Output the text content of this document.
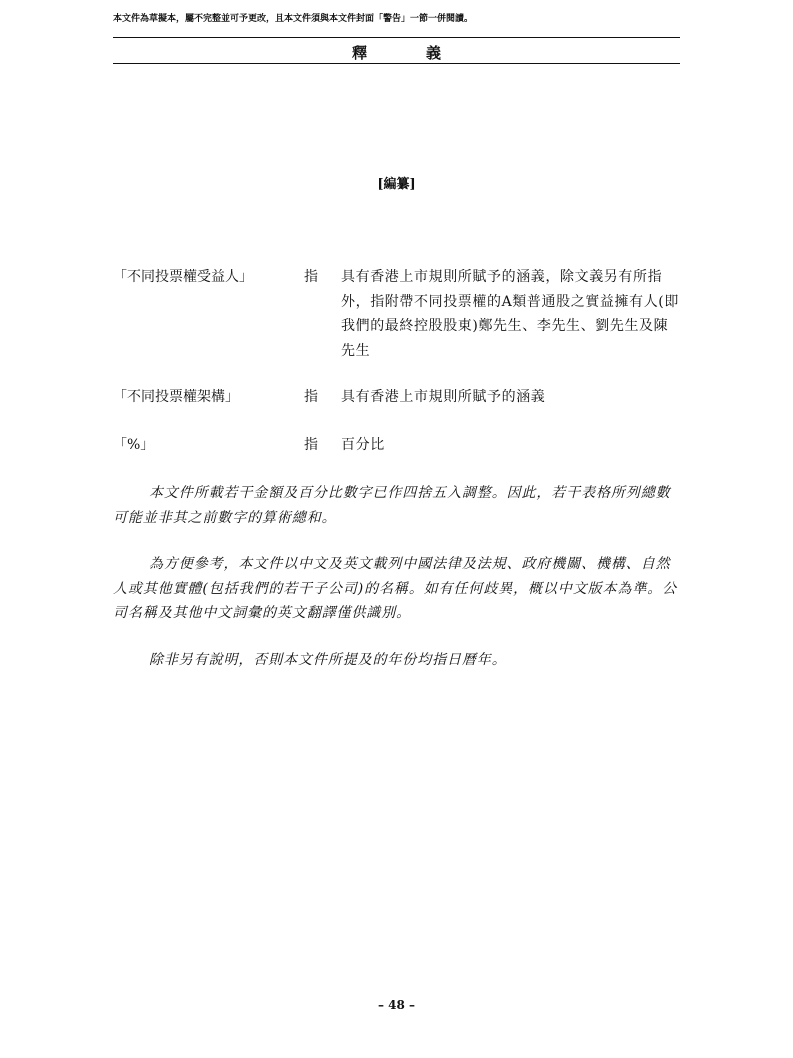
本文件為草擬本，屬不完整並可予更改，且本文件須與本文件封面「警告」一節一併閱讀。
釋　義
[編纂]
「不同投票權受益人」	指 具有香港上市規則所賦予的涵義，除文義另有所指外，指附帶不同投票權的A類普通股之實益擁有人(即我們的最終控股股東)鄭先生、李先生、劉先生及陳先生
「不同投票權架構」	指 具有香港上市規則所賦予的涵義
「%」	指 百分比
本文件所載若干金額及百分比數字已作四捨五入調整。因此，若干表格所列總數可能並非其之前數字的算術總和。
為方便參考，本文件以中文及英文載列中國法律及法規、政府機關、機構、自然人或其他實體(包括我們的若干子公司)的名稱。如有任何歧異，概以中文版本為準。公司名稱及其他中文詞彙的英文翻譯僅供識別。
除非另有說明，否則本文件所提及的年份均指日曆年。
– 48 –
